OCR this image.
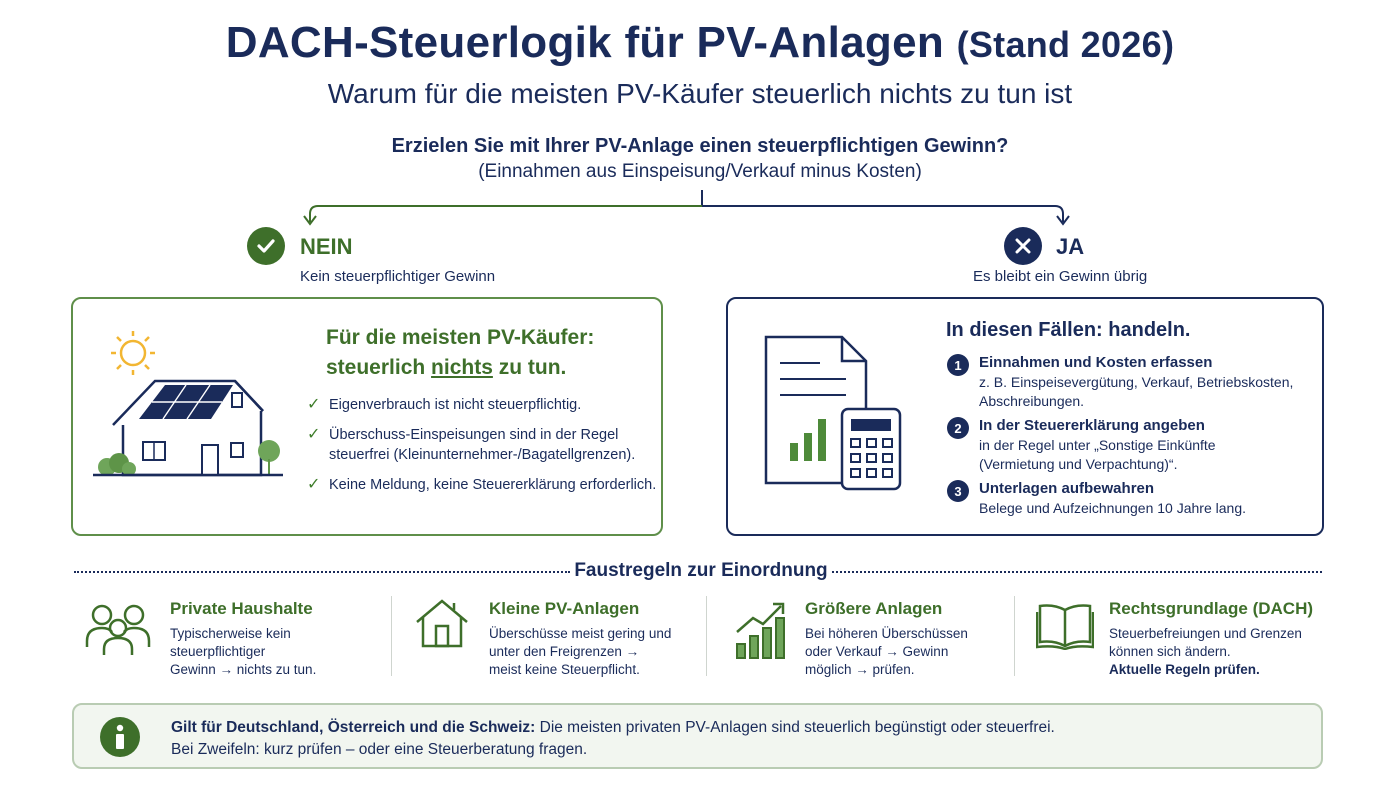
DACH-Steuerlogik für PV-Anlagen (Stand 2026)
Warum für die meisten PV-Käufer steuerlich nichts zu tun ist
Erzielen Sie mit Ihrer PV-Anlage einen steuerpflichtigen Gewinn?
(Einnahmen aus Einspeisung/Verkauf minus Kosten)
NEIN
Kein steuerpflichtiger Gewinn
JA
Es bleibt ein Gewinn übrig
Für die meisten PV-Käufer:
steuerlich nichts zu tun.
✓ Eigenverbrauch ist nicht steuerpflichtig.
✓ Überschuss-Einspeisungen sind in der Regel
steuerfrei (Kleinunternehmer-/Bagatellgrenzen).
✓ Keine Meldung, keine Steuererklärung erforderlich.
In diesen Fällen: handeln.
1	Einnahmen und Kosten erfassen
z. B. Einspeisevergütung, Verkauf, Betriebskosten,
Abschreibungen.
2	In der Steuererklärung angeben
in der Regel unter „Sonstige Einkünfte
(Vermietung und Verpachtung)“.
3	Unterlagen aufbewahren
Belege und Aufzeichnungen 10 Jahre lang.
Faustregeln zur Einordnung
Private Haushalte
Typischerweise kein steuerpflichtiger
Gewinn → nichts zu tun.
Kleine PV-Anlagen
Überschüsse meist gering und
unter den Freigrenzen →
meist keine Steuerpflicht.
Größere Anlagen
Bei höheren Überschüssen
oder Verkauf → Gewinn
möglich → prüfen.
Rechtsgrundlage (DACH)
Steuerbefreiungen und Grenzen
können sich ändern.
Aktuelle Regeln prüfen.
Gilt für Deutschland, Österreich und die Schweiz: Die meisten privaten PV-Anlagen sind steuerlich begünstigt oder steuerfrei.
Bei Zweifeln: kurz prüfen – oder eine Steuerberatung fragen.
